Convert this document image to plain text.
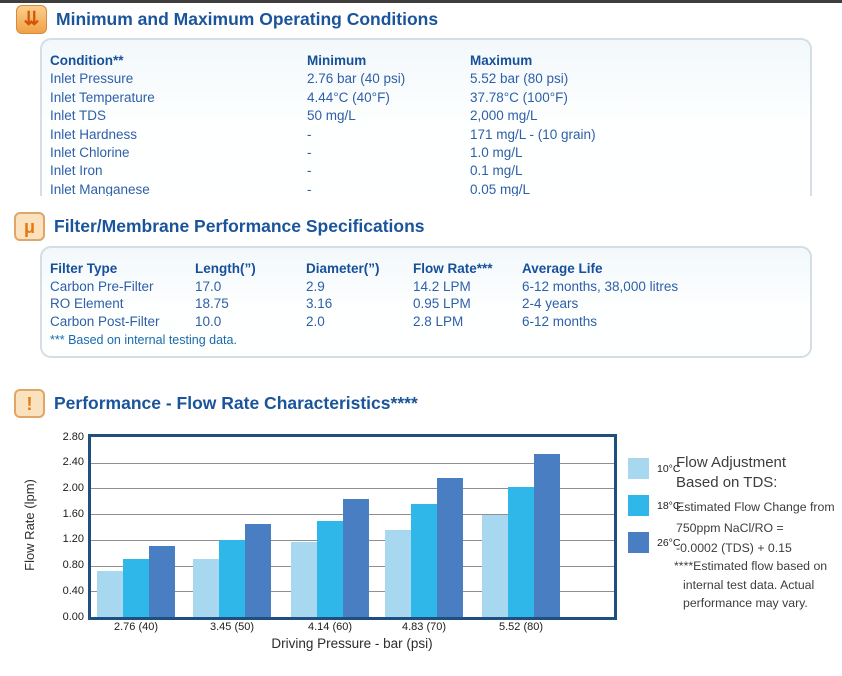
⇊ Minimum and Maximum Operating Conditions
Condition**	Minimum	Maximum
Inlet Pressure	2.76 bar (40 psi)	5.52 bar (80 psi)
Inlet Temperature	4.44°C (40°F)	37.78°C (100°F)
Inlet TDS	50 mg/L	2,000 mg/L
Inlet Hardness	-	171 mg/L - (10 grain)
Inlet Chlorine	-	1.0 mg/L
Inlet Iron	-	0.1 mg/L
Inlet Manganese	-	0.05 mg/L
μ	Filter/Membrane Performance Specifications
Filter Type	Length(”)	Diameter(”)	Flow Rate***	Average Life
Carbon Pre-Filter	17.0	2.9	14.2 LPM	6-12 months, 38,000 litres
RO Element	18.75	3.16	0.95 LPM	2-4 years
Carbon Post-Filter	10.0	2.0	2.8 LPM	6-12 months
*** Based on internal testing data.
!	Performance - Flow Rate Characteristics****
2.80
2.40
2.00
1.60
1.20
0.80
0.40
0.00
2.76 (40)	3.45 (50)	4.14 (60)	4.83 (70)	5.52 (80)
Flow Rate (lpm)
Driving Pressure - bar (psi)
10°C
18°C
26°C
Flow Adjustment
Based on TDS:
Estimated Flow Change from
750ppm NaCl/RO =
-0.0002 (TDS) + 0.15
****Estimated flow based on
internal test data. Actual
performance may vary.
